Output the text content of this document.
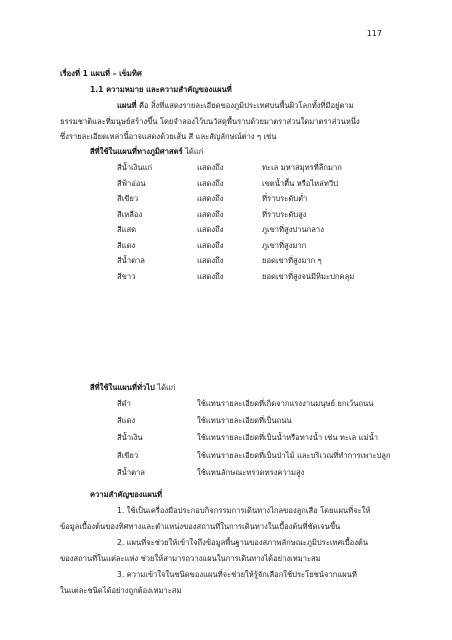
117
เรื่องที่ 1 แผนที่ – เข็มทิศ
1.1 ความหมาย และความสำคัญของแผนที่
แผนที่ คือ สิ่งที่แสดงรายละเอียดของภูมิประเทศบนพื้นผิวโลกทั้งที่มีอยู่ตาม
ธรรมชาติและที่มนุษย์สร้างขึ้น โดยจำลองไว้บนวัสดุพื้นราบด้วยมาตราส่วนใดมาตราส่วนหนึ่ง
ซึ่งรายละเอียดเหล่านี้อาจแสดงด้วยเส้น สี และสัญลักษณ์ต่าง ๆ เช่น
สีที่ใช้ในแผนที่ทางภูมิศาสตร์ ได้แก่
สีน้ำเงินแก่	แสดงถึง	ทะเล มหาสมุทรที่ลึกมาก
สีฟ้าอ่อน	แสดงถึง	เขตน้ำตื้น หรือไหล่ทวีป
สีเขียว	แสดงถึง	ที่ราบระดับต่ำ
สีเหลือง	แสดงถึง	ที่ราบระดับสูง
สีแสด	แสดงถึง	ภูเขาที่สูงปานกลาง
สีแดง	แสดงถึง	ภูเขาที่สูงมาก
สีน้ำตาล	แสดงถึง	ยอดเขาที่สูงมาก ๆ
สีขาว	แสดงถึง	ยอดเขาที่สูงจนมีหิมะปกคลุม
สีที่ใช้ในแผนที่ทั่วไป ได้แก่
สีดำ	ใช้แทนรายละเอียดที่เกิดจากแรงงานมนุษย์ ยกเว้นถนน
สีแดง	ใช้แทนรายละเอียดที่เป็นถนน
สีน้ำเงิน	ใช้แทนรายละเอียดที่เป็นน้ำหรือทางน้ำ เช่น ทะเล แม่น้ำ
สีเขียว	ใช้แทนรายละเอียดที่เป็นป่าไม้ และบริเวณที่ทำการเพาะปลูก
สีน้ำตาล	ใช้แทนลักษณะทรวดทรงความสูง
ความสำคัญของแผนที่
1. ใช้เป็นเครื่องมือประกอบกิจกรรมการเดินทางไกลของลูกเสือ โดยแผนที่จะให้
ข้อมูลเบื้องต้นของทิศทางและตำแหน่งของสถานที่ในการเดินทางในเบื้องต้นที่ชัดเจนขึ้น
2. แผนที่จะช่วยให้เข้าใจถึงข้อมูลพื้นฐานของสภาพลักษณะภูมิประเทศเบื้องต้น
ของสถานที่ในแต่ละแห่ง ช่วยให้สามารถวางแผนในการเดินทางได้อย่างเหมาะสม
3. ความเข้าใจในชนิดของแผนที่จะช่วยให้รู้จักเลือกใช้ประโยชน์จากแผนที่
ในแต่ละชนิดได้อย่างถูกต้องเหมาะสม
